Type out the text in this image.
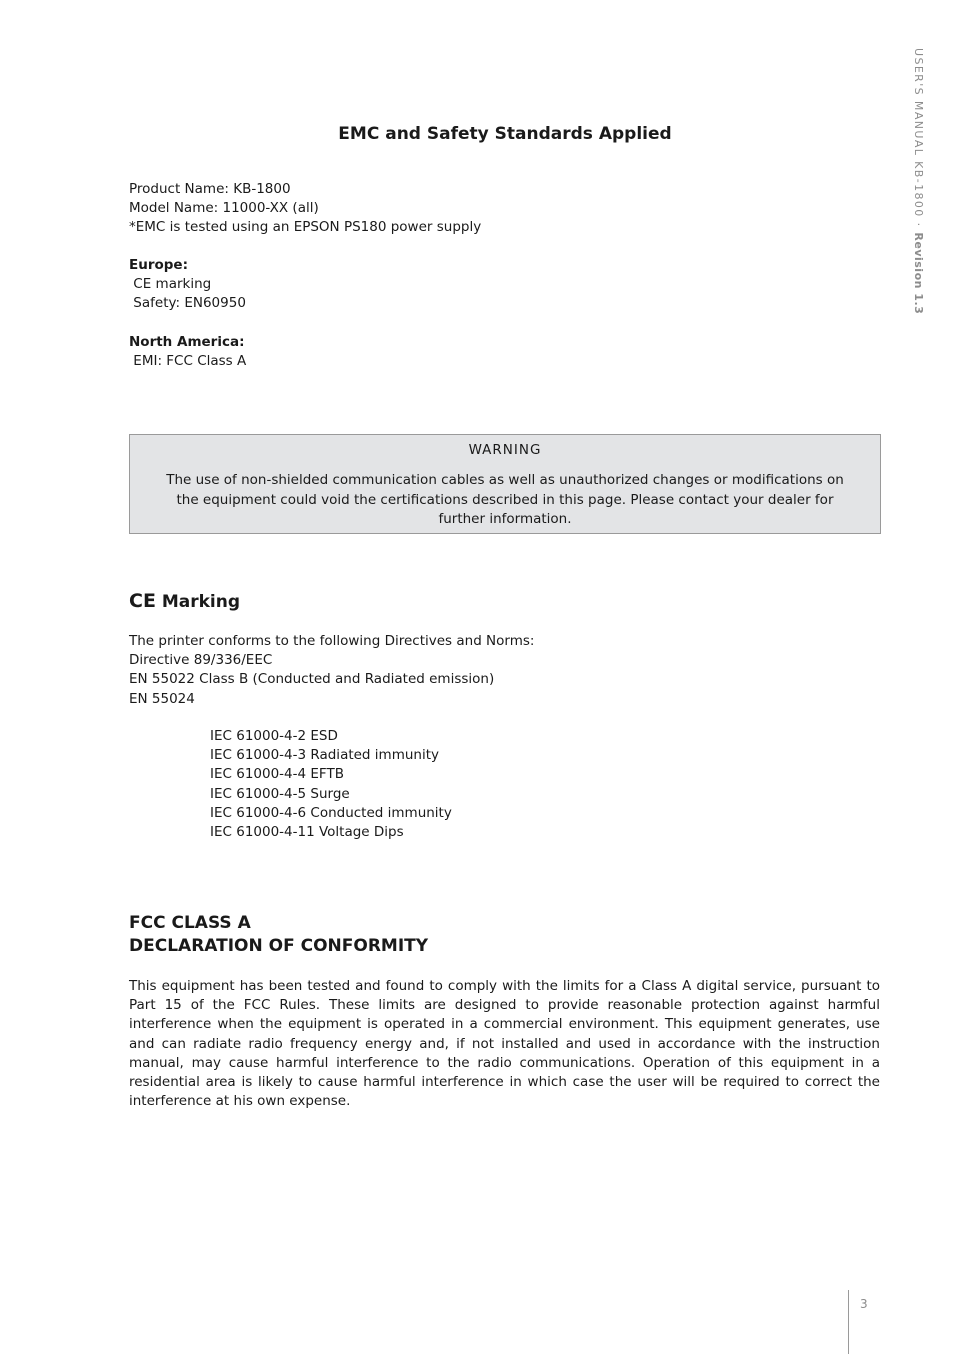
USER'S MANUAL KB-1800 · Revision 1.3
EMC and Safety Standards Applied
Product Name: KB-1800
Model Name: 11000-XX (all)
*EMC is tested using an EPSON PS180 power supply
Europe:
CE marking
Safety: EN60950
North America:
EMI: FCC Class A
WARNING
The use of non-shielded communication cables as well as unauthorized changes or modifications on the equipment could void the certifications described in this page. Please contact your dealer for further information.
CE Marking
The printer conforms to the following Directives and Norms:
Directive 89/336/EEC
EN 55022 Class B (Conducted and Radiated emission)
EN 55024
IEC 61000-4-2 ESD
IEC 61000-4-3 Radiated immunity
IEC 61000-4-4 EFTB
IEC 61000-4-5 Surge
IEC 61000-4-6 Conducted immunity
IEC 61000-4-11 Voltage Dips
FCC CLASS A
DECLARATION OF CONFORMITY
This equipment has been tested and found to comply with the limits for a Class A digital service, pursuant to Part 15 of the FCC Rules. These limits are designed to provide reasonable protection against harmful interference when the equipment is operated in a commercial environment. This equipment generates, use and can radiate radio frequency energy and, if not installed and used in accordance with the instruction manual, may cause harmful interference to the radio communications. Operation of this equipment in a residential area is likely to cause harmful interference in which case the user will be required to correct the interference at his own expense.
3
